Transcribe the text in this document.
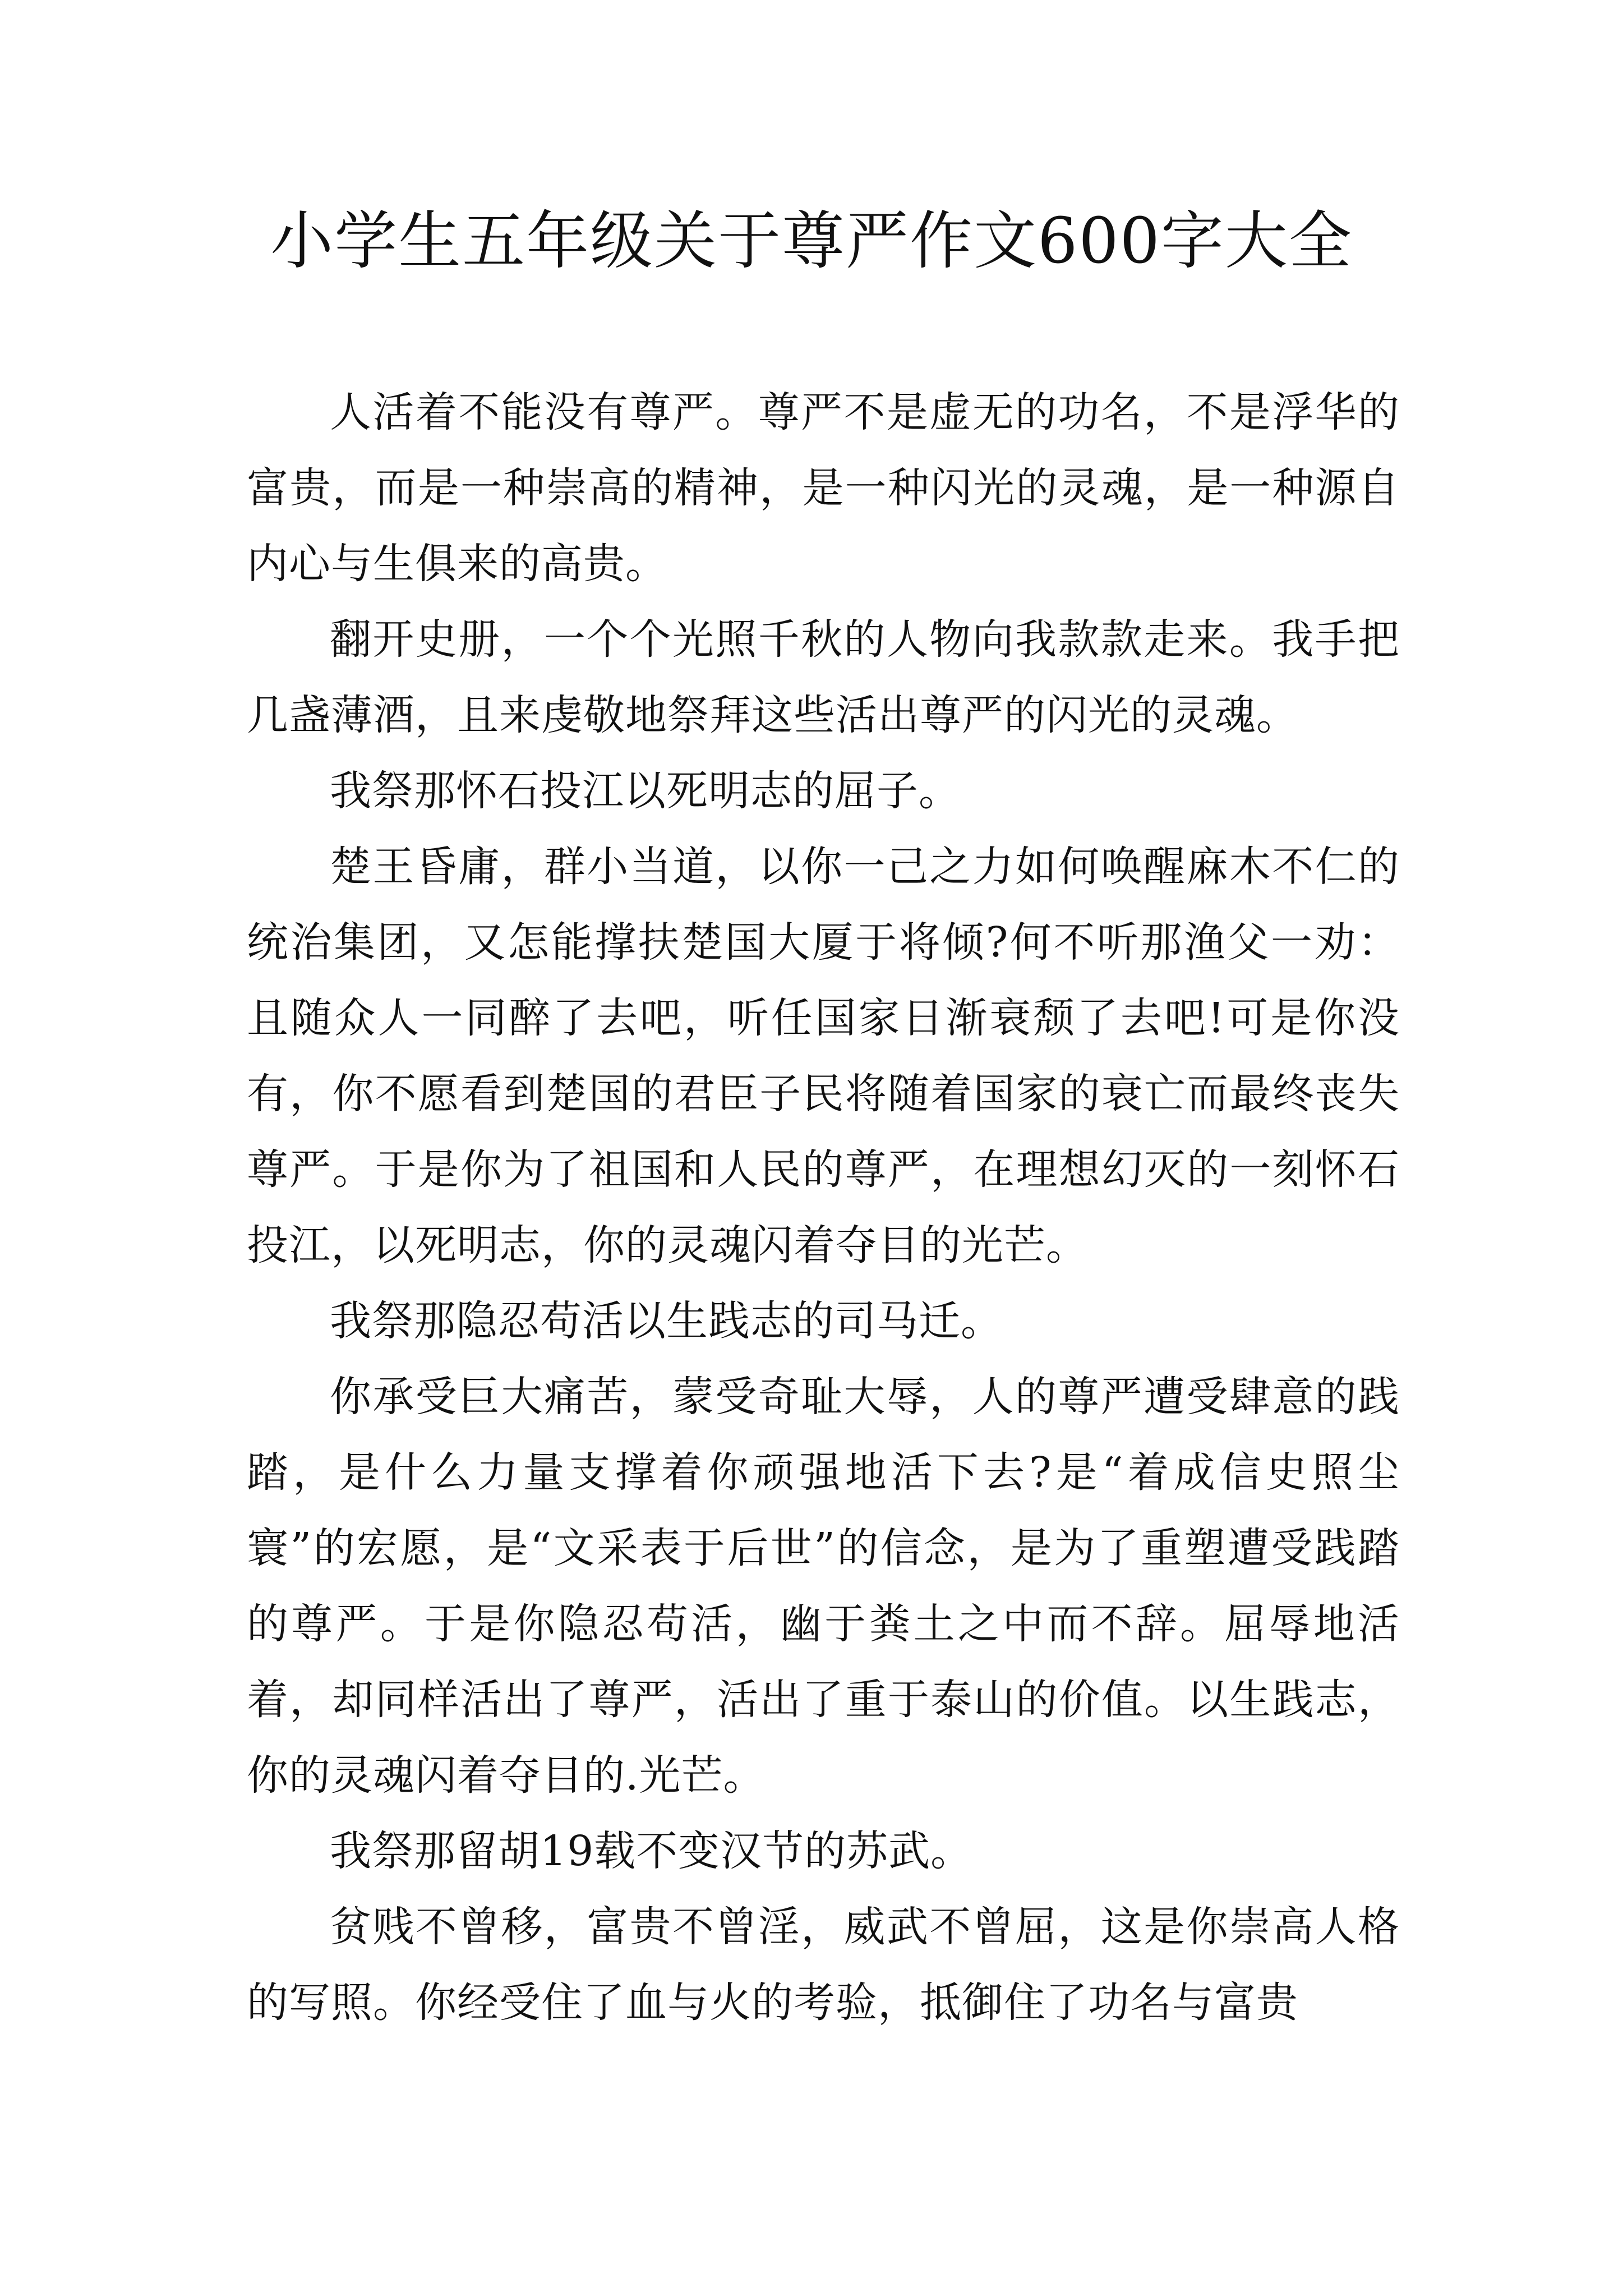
小学生五年级关于尊严作文600字大全

人活着不能没有尊严。尊严不是虚无的功名，不是浮华的富贵，而是一种崇高的精神，是一种闪光的灵魂，是一种源自内心与生俱来的高贵。

翻开史册，一个个光照千秋的人物向我款款走来。我手把几盏薄酒，且来虔敬地祭拜这些活出尊严的闪光的灵魂。

我祭那怀石投江以死明志的屈子。

楚王昏庸，群小当道，以你一己之力如何唤醒麻木不仁的统治集团，又怎能撑扶楚国大厦于将倾?何不听那渔父一劝：且随众人一同醉了去吧，听任国家日渐衰颓了去吧!可是你没有，你不愿看到楚国的君臣子民将随着国家的衰亡而最终丧失尊严。于是你为了祖国和人民的尊严，在理想幻灭的一刻怀石投江，以死明志，你的灵魂闪着夺目的光芒。

我祭那隐忍苟活以生践志的司马迁。

你承受巨大痛苦，蒙受奇耻大辱，人的尊严遭受肆意的践踏，是什么力量支撑着你顽强地活下去?是“着成信史照尘寰”的宏愿，是“文采表于后世”的信念，是为了重塑遭受践踏的尊严。于是你隐忍苟活，幽于粪土之中而不辞。屈辱地活着，却同样活出了尊严，活出了重于泰山的价值。以生践志，你的灵魂闪着夺目的.光芒。

我祭那留胡19载不变汉节的苏武。

贫贱不曾移，富贵不曾淫，威武不曾屈，这是你崇高人格的写照。你经受住了血与火的考验，抵御住了功名与富贵
